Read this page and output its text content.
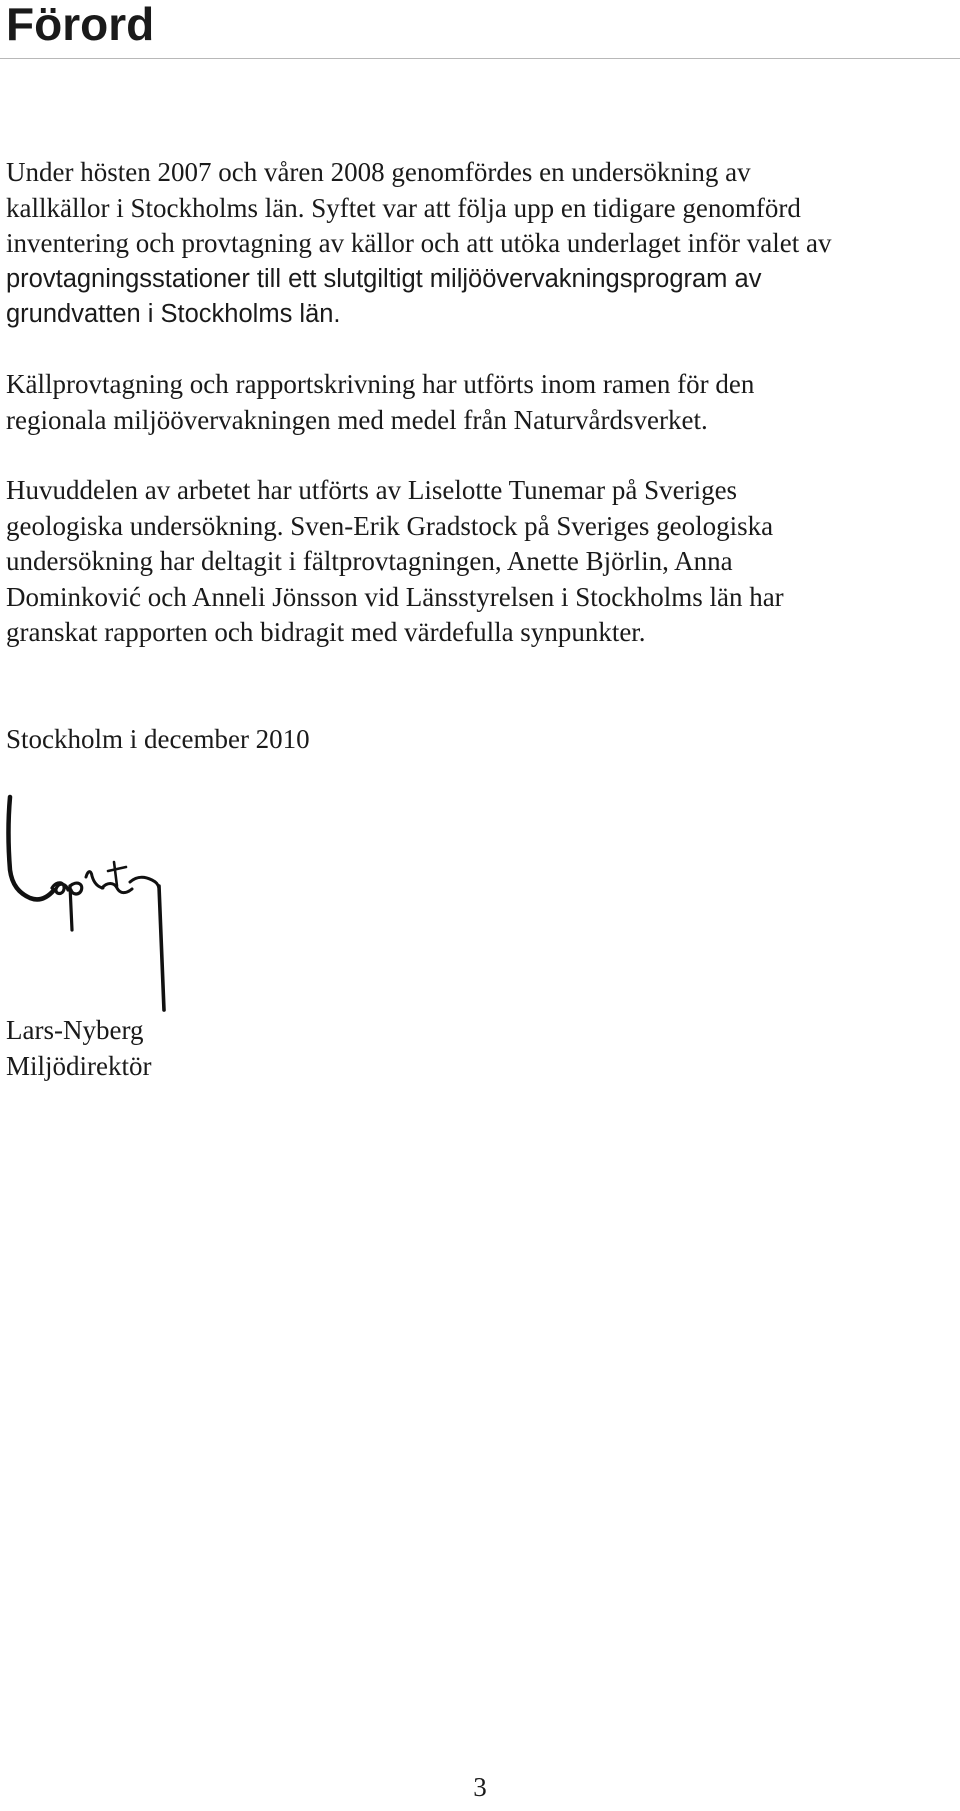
Förord

Under hösten 2007 och våren 2008 genomfördes en undersökning av
kallkällor i Stockholms län. Syftet var att följa upp en tidigare genomförd
inventering och provtagning av källor och att utöka underlaget inför valet av
provtagningsstationer till ett slutgiltigt miljöövervakningsprogram av
grundvatten i Stockholms län.

Källprovtagning och rapportskrivning har utförts inom ramen för den
regionala miljöövervakningen med medel från Naturvårdsverket.

Huvuddelen av arbetet har utförts av Liselotte Tunemar på Sveriges
geologiska undersökning. Sven-Erik Gradstock på Sveriges geologiska
undersökning har deltagit i fältprovtagningen, Anette Björlin, Anna
Dominković och Anneli Jönsson vid Länsstyrelsen i Stockholms län har
granskat rapporten och bidragit med värdefulla synpunkter.

Stockholm i december 2010

Lars-Nyberg
Miljödirektör

3
